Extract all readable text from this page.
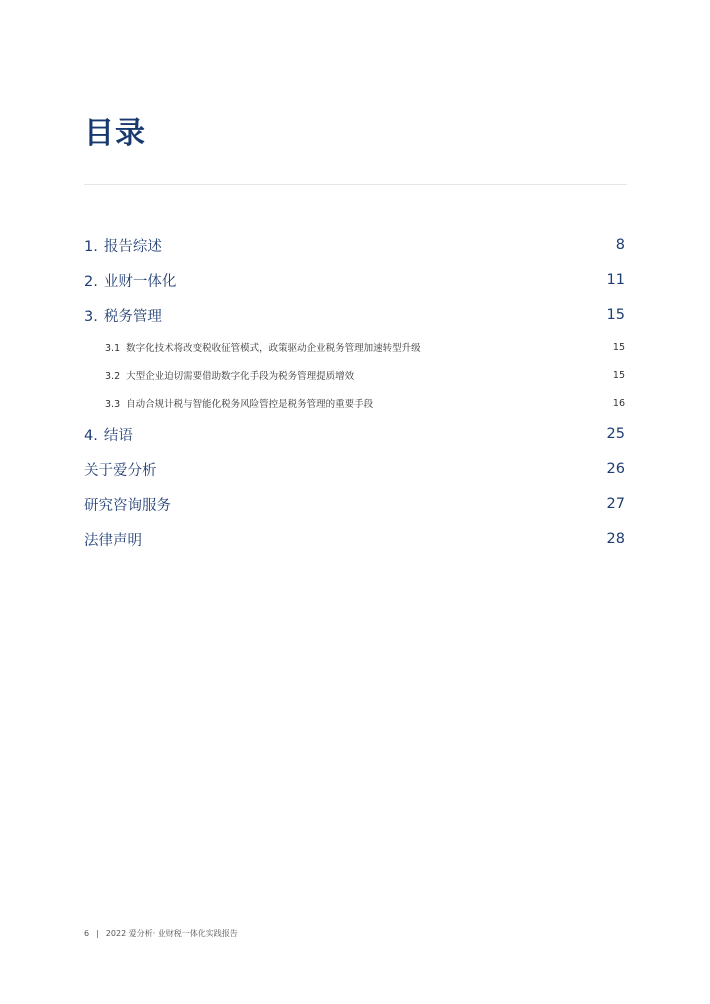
目录
1. 报告综述	8
2. 业财一体化	11
3. 税务管理	15
3.1 数字化技术将改变税收征管模式，政策驱动企业税务管理加速转型升级	15
3.2 大型企业迫切需要借助数字化手段为税务管理提质增效	15
3.3 自动合规计税与智能化税务风险管控是税务管理的重要手段	16
4. 结语	25
关于爱分析	26
研究咨询服务	27
法律声明	28
6 | 2022 爱分析· 业财税一体化实践报告
